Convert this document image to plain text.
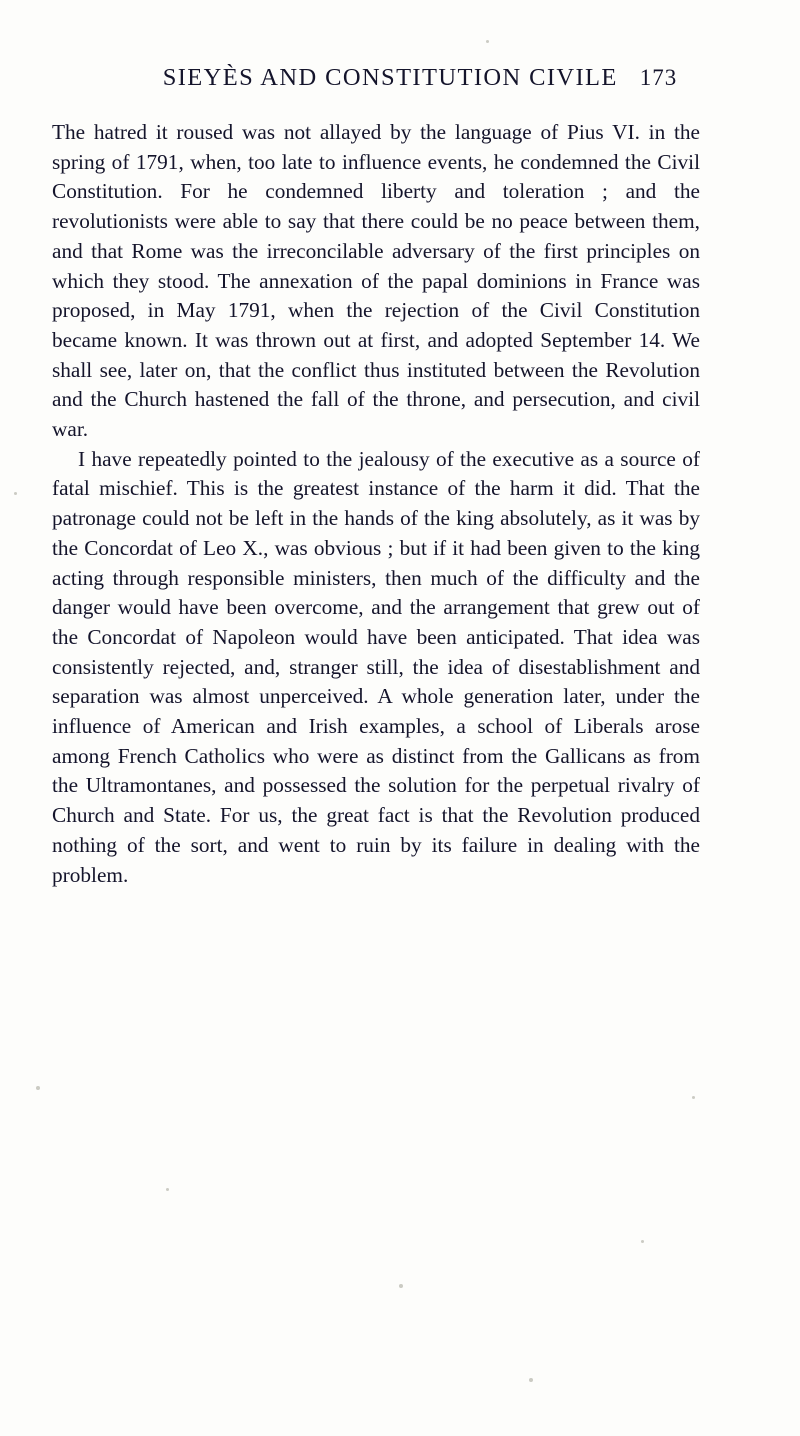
SIEYÈS AND CONSTITUTION CIVILE 173

The hatred it roused was not allayed by the language of Pius VI. in the spring of 1791, when, too late to influence events, he condemned the Civil Constitution. For he condemned liberty and toleration ; and the revolutionists were able to say that there could be no peace between them, and that Rome was the irreconcilable adversary of the first principles on which they stood. The annexation of the papal dominions in France was proposed, in May 1791, when the rejection of the Civil Constitution became known. It was thrown out at first, and adopted September 14. We shall see, later on, that the conflict thus instituted between the Revolution and the Church hastened the fall of the throne, and persecution, and civil war.

I have repeatedly pointed to the jealousy of the executive as a source of fatal mischief. This is the greatest instance of the harm it did. That the patronage could not be left in the hands of the king absolutely, as it was by the Concordat of Leo X., was obvious ; but if it had been given to the king acting through responsible ministers, then much of the difficulty and the danger would have been overcome, and the arrangement that grew out of the Concordat of Napoleon would have been anticipated. That idea was consistently rejected, and, stranger still, the idea of disestablishment and separation was almost unperceived. A whole generation later, under the influence of American and Irish examples, a school of Liberals arose among French Catholics who were as distinct from the Gallicans as from the Ultramontanes, and possessed the solution for the perpetual rivalry of Church and State. For us, the great fact is that the Revolution produced nothing of the sort, and went to ruin by its failure in dealing with the problem.
